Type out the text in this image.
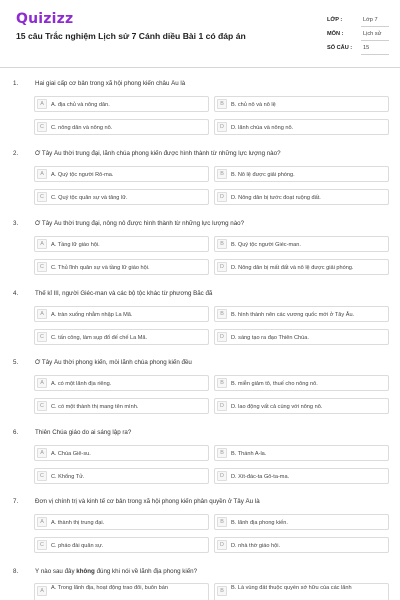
Quizizz
15 câu Trắc nghiệm Lịch sử 7 Cánh diều Bài 1 có đáp án
LỚP :	Lớp 7
MÔN :	Lịch sử
SỐ CÂU : 15
1.	Hai giai cấp cơ bản trong xã hội phong kiến châu Âu là
A	A. địa chủ và nông dân.	B	B. chủ nô và nô lệ
C	C. nông dân và nông nô.	D	D. lãnh chúa và nông nô.
2.	Ở Tây Âu thời trung đại, lãnh chúa phong kiến được hình thành từ những lực lượng nào?
A	A. Quý tộc người Rô-ma.	B	B. Nô lệ được giải phóng.
C	C. Quý tộc quân sự và tăng lữ.	D	D. Nông dân bị tước đoạt ruộng đất.
3.	Ở Tây Âu thời trung đại, nông nô được hình thành từ những lực lượng nào?
A	A. Tầng lữ giáo hội.	B	B. Quý tộc người Giéc-man.
C	C. Thủ lĩnh quân sự và tầng lữ giáo hội.	D	D. Nông dân bị mất đất và nô lệ được giải phóng.
4.	Thế kỉ III, người Giéc-man và các bộ tộc khác từ phương Bắc đã
A	A. tràn xuống nhằm nhập La Mã.	B	B. hình thành nên các vương quốc mới ở Tây Âu.
C	C. tấn công, làm sụp đổ đế chế La Mã.	D	D. sáng tạo ra đạo Thiên Chúa.
5.	Ở Tây Âu thời phong kiến, mỗi lãnh chúa phong kiến đều
A	A. có một lãnh địa riêng.	B	B. miễn giảm tô, thuế cho nông nô.
C	C. có một thành thị mang tên mình.	D	D. lao động vất cả cùng với nông nô.
6.	Thiên Chúa giáo do ai sáng lập ra?
A	A. Chúa Giê-su.	B	B. Thánh A-la.
C	C. Khổng Tử.	D	D. Xít-đác-ta Gô-ta-ma.
7.	Đơn vị chính trị và kinh tế cơ bản trong xã hội phong kiến phân quyền ở Tây Âu là
A	A. thành thị trung đại.	B	B. lãnh địa phong kiến.
C	C. pháo đài quân sự.	D	D. nhà thờ giáo hội.
8.	Ý nào sau đây không đúng khi nói về lãnh địa phong kiến?
A	A. Trong lãnh địa, hoạt động trao đổi, buôn bán	B	B. Là vùng đất thuộc quyền sở hữu của các lãnh
